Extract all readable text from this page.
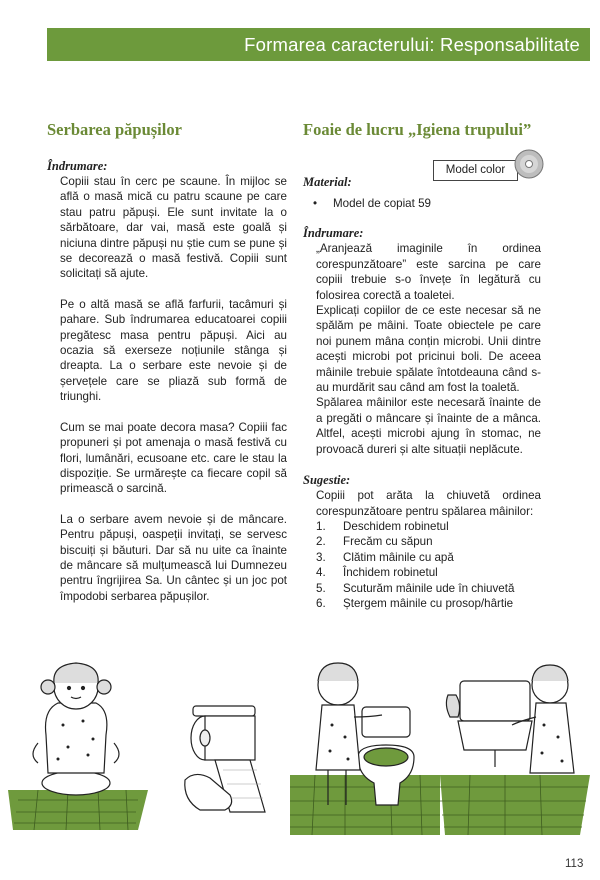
Formarea caracterului: Responsabilitate
Serbarea păpușilor

Îndrumare:

Copiii stau în cerc pe scaune. În mijloc se află o masă mică cu patru scaune pe care stau patru păpuși. Ele sunt invitate la o sărbătoare, dar vai, masă este goală și niciuna dintre păpuși nu știe cum se pune și se decorează o masă festivă. Copiii sunt solicitați să ajute.

Pe o altă masă se află farfurii, tacâmuri și pahare. Sub îndrumarea educatoarei copiii pregătesc masa pentru păpuși. Aici au ocazia să exerseze noțiunile stânga și dreapta. La o serbare este nevoie și de șervețele care se pliază sub formă de triunghi.

Cum se mai poate decora masa? Copiii fac propuneri și pot amenaja o masă festivă cu flori, lumânări, ecusoane etc. care le stau la dispoziție. Se urmărește ca fiecare copil să primească o sarcină.

La o serbare avem nevoie și de mâncare. Pentru păpuși, oaspeții invitați, se servesc biscuiți și băuturi. Dar să nu uite ca înainte de mâncare să mulțumească lui Dumnezeu pentru îngrijirea Sa. Un cântec și un joc pot împodobi serbarea păpușilor.

Foaie de lucru „Igiena trupului”

Material:

•	Model de copiat 59

Îndrumare:

„Aranjează imaginile în ordinea corespunzătoare” este sarcina pe care copiii trebuie s-o învețe în legătură cu folosirea corectă a toaletei.

Explicați copiilor de ce este necesar să ne spălăm pe mâini. Toate obiectele pe care noi punem mâna conțin microbi. Unii dintre acești microbi pot pricinui boli. De aceea mâinile trebuie spălate întotdeauna când s-au murdărit sau când am fost la toaletă.

Spălarea mâinilor este necesară înainte de a pregăti o mâncare și înainte de a mânca. Altfel, acești microbi ajung în stomac, ne provoacă dureri și alte situații neplăcute.

Sugestie:

Copiii pot arăta la chiuvetă ordinea corespunzătoare pentru spălarea mâinilor:

1.	Deschidem robinetul
2.	Frecăm cu săpun
3.	Clătim mâinile cu apă
4.	Închidem robinetul
5.	Scuturăm mâinile ude în chiuvetă
6.	Ștergem mâinile cu prosop/hârtie
Model color
113
